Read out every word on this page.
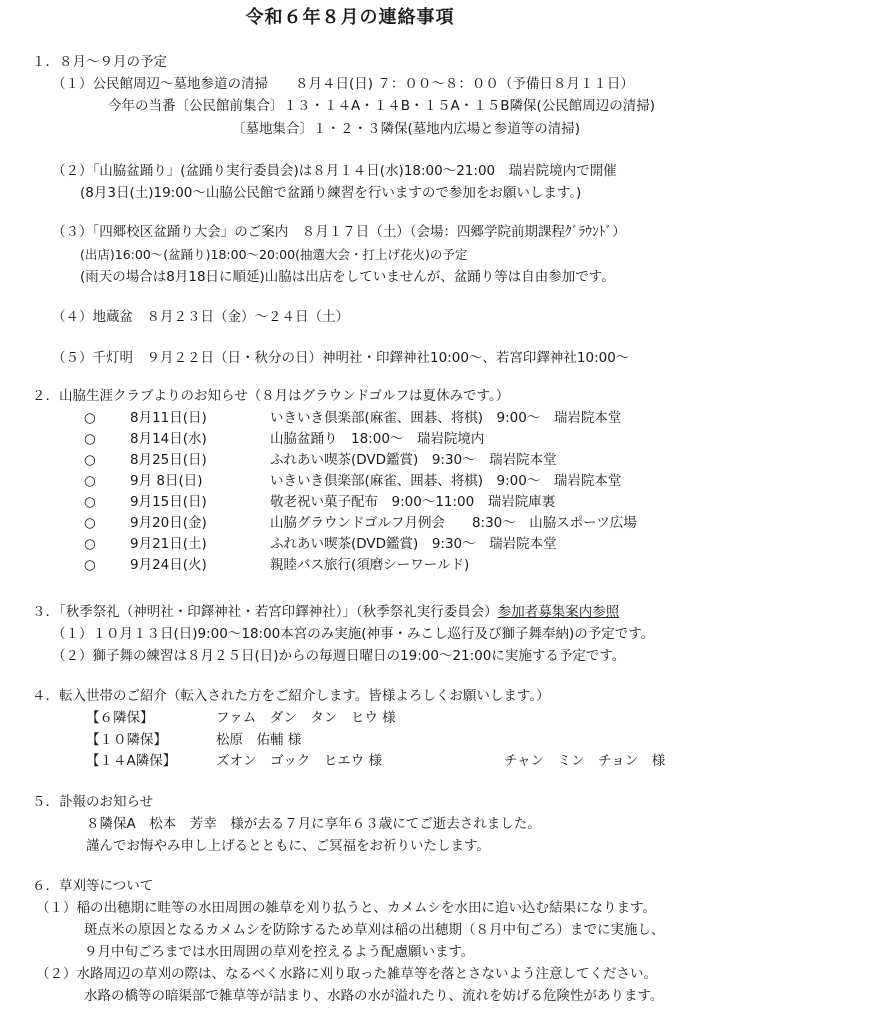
令和６年８月の連絡事項
１．８月～９月の予定
（１）公民館周辺～墓地参道の清掃　　８月４日(日) ７：００～８：００（予備日８月１１日）
今年の当番〔公民館前集合〕１３・１４A・１４B・１５A・１５B隣保(公民館周辺の清掃)
〔墓地集合〕１・２・３隣保(墓地内広場と参道等の清掃)
（２）「山脇盆踊り」(盆踊り実行委員会)は８月１４日(水)18:00～21:00　瑞岩院境内で開催
(8月3日(土)19:00～山脇公民館で盆踊り練習を行いますので参加をお願いします。)
（３）「四郷校区盆踊り大会」のご案内　８月１７日（土）（会場：四郷学院前期課程ｸﾞﾗｳﾝﾄﾞ）
(出店)16:00～(盆踊り)18:00～20:00(抽選大会・打上げ花火)の予定
(雨天の場合は8月18日に順延)山脇は出店をしていませんが、盆踊り等は自由参加です。
（４）地蔵盆　８月２３日（金）～２４日（土）
（５）千灯明　９月２２日（日・秋分の日）神明社・印鐸神社10:00～、若宮印鐸神社10:00～
２．山脇生涯クラブよりのお知らせ（８月はグラウンドゴルフは夏休みです。）
○	8月11日(日)	いきいき倶楽部(麻雀、囲碁、将棋)　9:00～　瑞岩院本堂
○	8月14日(水)	山脇盆踊り　18:00～　瑞岩院境内
○	8月25日(日)	ふれあい喫茶(DVD鑑賞)　9:30～　瑞岩院本堂
○	9月 8日(日)	いきいき倶楽部(麻雀、囲碁、将棋)　9:00～　瑞岩院本堂
○	9月15日(日)	敬老祝い菓子配布　9:00～11:00　瑞岩院庫裏
○	9月20日(金)	山脇グラウンドゴルフ月例会　　8:30～　山脇スポーツ広場
○	9月21日(土)	ふれあい喫茶(DVD鑑賞)　9:30～　瑞岩院本堂
○	9月24日(火)	親睦バス旅行(須磨シーワールド)
３．「秋季祭礼（神明社・印鐸神社・若宮印鐸神社）」（秋季祭礼実行委員会）参加者募集案内参照
（１）１０月１３日(日)9:00～18:00本宮のみ実施(神事・みこし巡行及び獅子舞奉納)の予定です。
（２）獅子舞の練習は８月２５日(日)からの毎週日曜日の19:00～21:00に実施する予定です。
４．転入世帯のご紹介（転入された方をご紹介します。皆様よろしくお願いします。）
【６隣保】	ファム　ダン　タン　ヒウ 様
【１０隣保】	松原　佑輔 様
【１４A隣保】	ズオン　ゴック　ヒエウ 様	チャン　ミン　チョン　様
５．訃報のお知らせ
８隣保A　松本　芳幸　様が去る７月に享年６３歳にてご逝去されました。
謹んでお悔やみ申し上げるとともに、ご冥福をお祈りいたします。
６．草刈等について
（１）稲の出穂期に畦等の水田周囲の雑草を刈り払うと、カメムシを水田に追い込む結果になります。
斑点米の原因となるカメムシを防除するため草刈は稲の出穂期（８月中旬ごろ）までに実施し、
９月中旬ごろまでは水田周囲の草刈を控えるよう配慮願います。
（２）水路周辺の草刈の際は、なるべく水路に刈り取った雑草等を落とさないよう注意してください。
水路の橋等の暗渠部で雑草等が詰まり、水路の水が溢れたり、流れを妨げる危険性があります。
